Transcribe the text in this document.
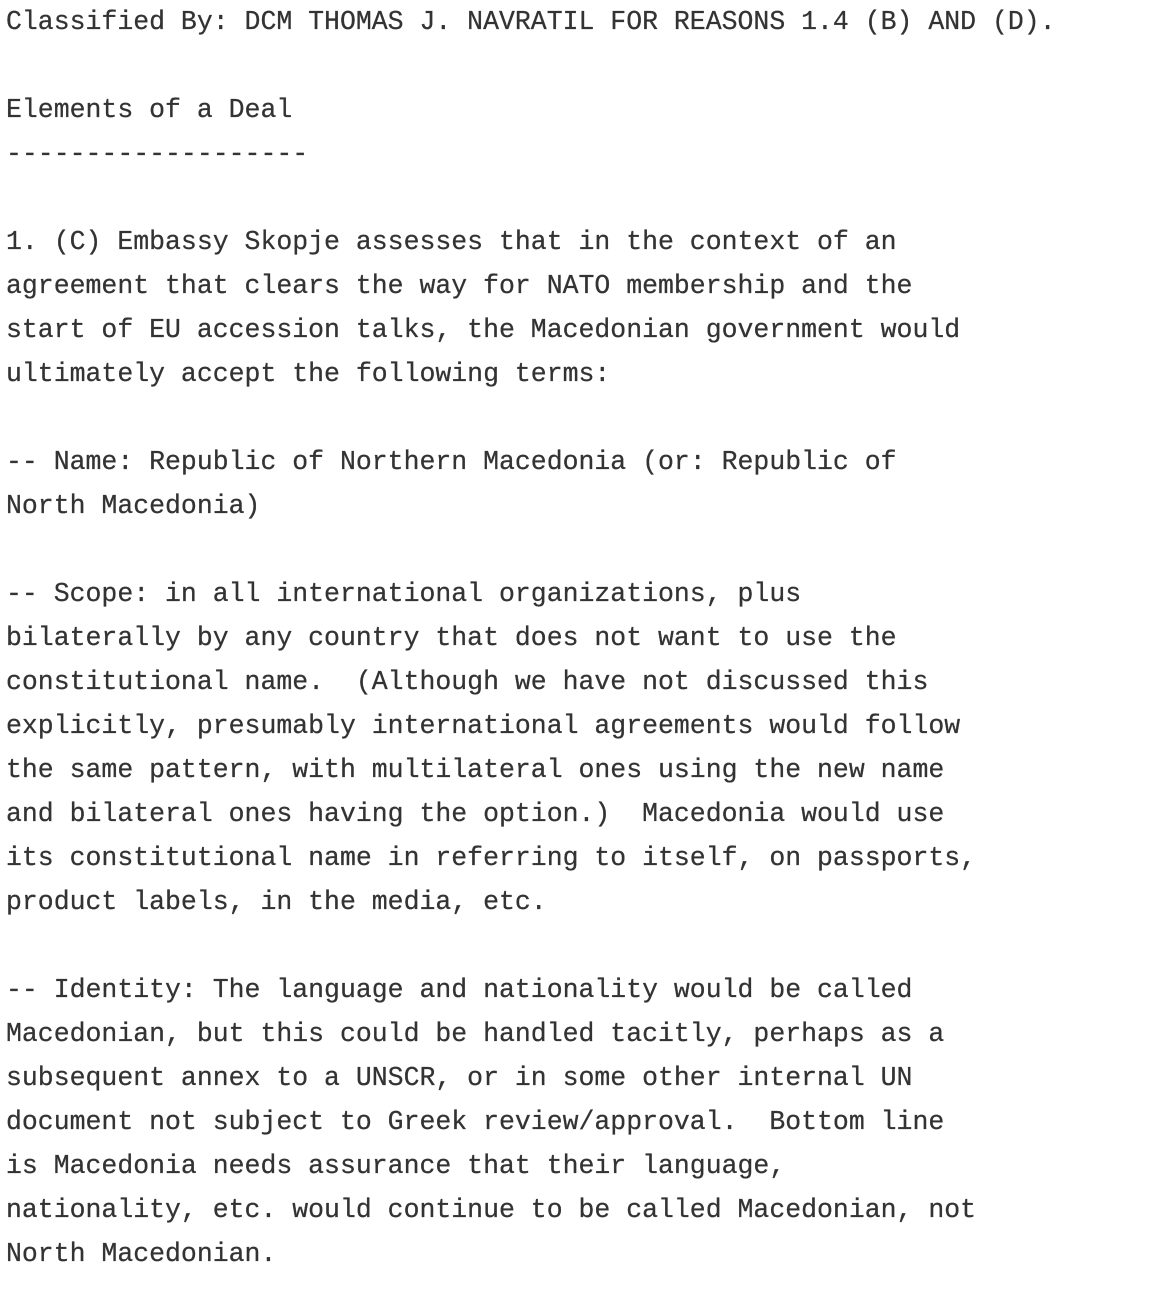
Classified By: DCM THOMAS J. NAVRATIL FOR REASONS 1.4 (B) AND (D).
Elements of a Deal
-------------------
1. (C) Embassy Skopje assesses that in the context of an
agreement that clears the way for NATO membership and the
start of EU accession talks, the Macedonian government would
ultimately accept the following terms:
-- Name: Republic of Northern Macedonia (or: Republic of
North Macedonia)
-- Scope: in all international organizations, plus
bilaterally by any country that does not want to use the
constitutional name.  (Although we have not discussed this
explicitly, presumably international agreements would follow
the same pattern, with multilateral ones using the new name
and bilateral ones having the option.)  Macedonia would use
its constitutional name in referring to itself, on passports,
product labels, in the media, etc.
-- Identity: The language and nationality would be called
Macedonian, but this could be handled tacitly, perhaps as a
subsequent annex to a UNSCR, or in some other internal UN
document not subject to Greek review/approval.  Bottom line
is Macedonia needs assurance that their language,
nationality, etc. would continue to be called Macedonian, not
North Macedonian.
